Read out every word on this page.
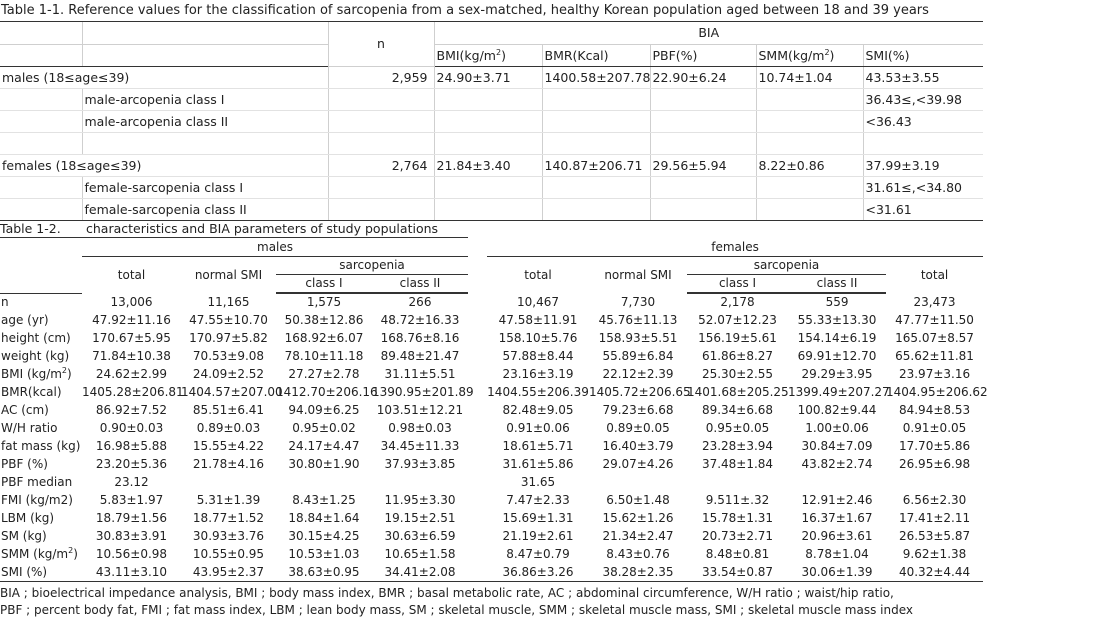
Table 1-1. Reference values for the classification of sarcopenia from a sex-matched, healthy Korean population aged between 18 and 39 years
		n	BIA				
			$BMI(kg/m^2)$	BMR(Kcal)	PBF(%)	$SMM(kg/m^2)$	SMI(%)
males (18≤age≤39)		2,959	24.90±3.71	1400.58±207.78	22.90±6.24	10.74±1.04	43.53±3.55
	male-arcopenia class I						36.43≤,<39.98
	male-arcopenia class II						<36.43

females (18≤age≤39)		2,764	21.84±3.40	140.87±206.71	29.56±5.94	8.22±0.86	37.99±3.19
	female-sarcopenia class I						31.61≤,<34.80
	female-sarcopenia class II						<31.61
Table 1-2.	characteristics and BIA parameters of study populations
	males					females				
	total	normal SMI	sarcopenia			total	normal SMI	sarcopenia		total
			class I	class II				class I	class II	

n	13,006	11,165	1,575	266		10,467	7,730	2,178	559	23,473
age (yr)	47.92±11.16	47.55±10.70	50.38±12.86	48.72±16.33		47.58±11.91	45.76±11.13	52.07±12.23	55.33±13.30	47.77±11.50
height (cm)	170.67±5.95	170.97±5.82	168.92±6.07	168.76±8.16		158.10±5.76	158.93±5.51	156.19±5.61	154.14±6.19	165.07±8.57
weight (kg)	71.84±10.38	70.53±9.08	78.10±11.18	89.48±21.47		57.88±8.44	55.89±6.84	61.86±8.27	69.91±12.70	65.62±11.81
BMI $(kg/m^2)$	24.62±2.99	24.09±2.52	27.27±2.78	31.11±5.51		23.16±3.19	22.12±2.39	25.30±2.55	29.29±3.95	23.97±3.16
BMR(kcal)	1405.28±206.81	1404.57±207.00	1412.70±206.16	1390.95±201.89		1404.55±206.39	1405.72±206.65	1401.68±205.25	1399.49±207.27	1404.95±206.62
AC (cm)	86.92±7.52	85.51±6.41	94.09±6.25	103.51±12.21		82.48±9.05	79.23±6.68	89.34±6.68	100.82±9.44	84.94±8.53
W/H ratio	0.90±0.03	0.89±0.03	0.95±0.02	0.98±0.03		0.91±0.06	0.89±0.05	0.95±0.05	1.00±0.06	0.91±0.05
fat mass (kg)	16.98±5.88	15.55±4.22	24.17±4.47	34.45±11.33		18.61±5.71	16.40±3.79	23.28±3.94	30.84±7.09	17.70±5.86
PBF (%)	23.20±5.36	21.78±4.16	30.80±1.90	37.93±3.85		31.61±5.86	29.07±4.26	37.48±1.84	43.82±2.74	26.95±6.98
PBF median	23.12					31.65				
FMI (kg/m2)	5.83±1.97	5.31±1.39	8.43±1.25	11.95±3.30		7.47±2.33	6.50±1.48	9.511±.32	12.91±2.46	6.56±2.30
LBM (kg)	18.79±1.56	18.77±1.52	18.84±1.64	19.15±2.51		15.69±1.31	15.62±1.26	15.78±1.31	16.37±1.67	17.41±2.11
SM (kg)	30.83±3.91	30.93±3.76	30.15±4.25	30.63±6.59		21.19±2.61	21.34±2.47	20.73±2.71	20.96±3.61	26.53±5.87
SMM $(kg/m^2)$	10.56±0.98	10.55±0.95	10.53±1.03	10.65±1.58		8.47±0.79	8.43±0.76	8.48±0.81	8.78±1.04	9.62±1.38
SMI (%)	43.11±3.10	43.95±2.37	38.63±0.95	34.41±2.08		36.86±3.26	38.28±2.35	33.54±0.87	30.06±1.39	40.32±4.44
BIA ; bioelectrical impedance analysis, BMI ; body mass index, BMR ; basal metabolic rate, AC ; abdominal circumference, W/H ratio ; waist/hip ratio,
PBF ; percent body fat, FMI ; fat mass index, LBM ; lean body mass, SM ; skeletal muscle, SMM ; skeletal muscle mass, SMI ; skeletal muscle mass index
